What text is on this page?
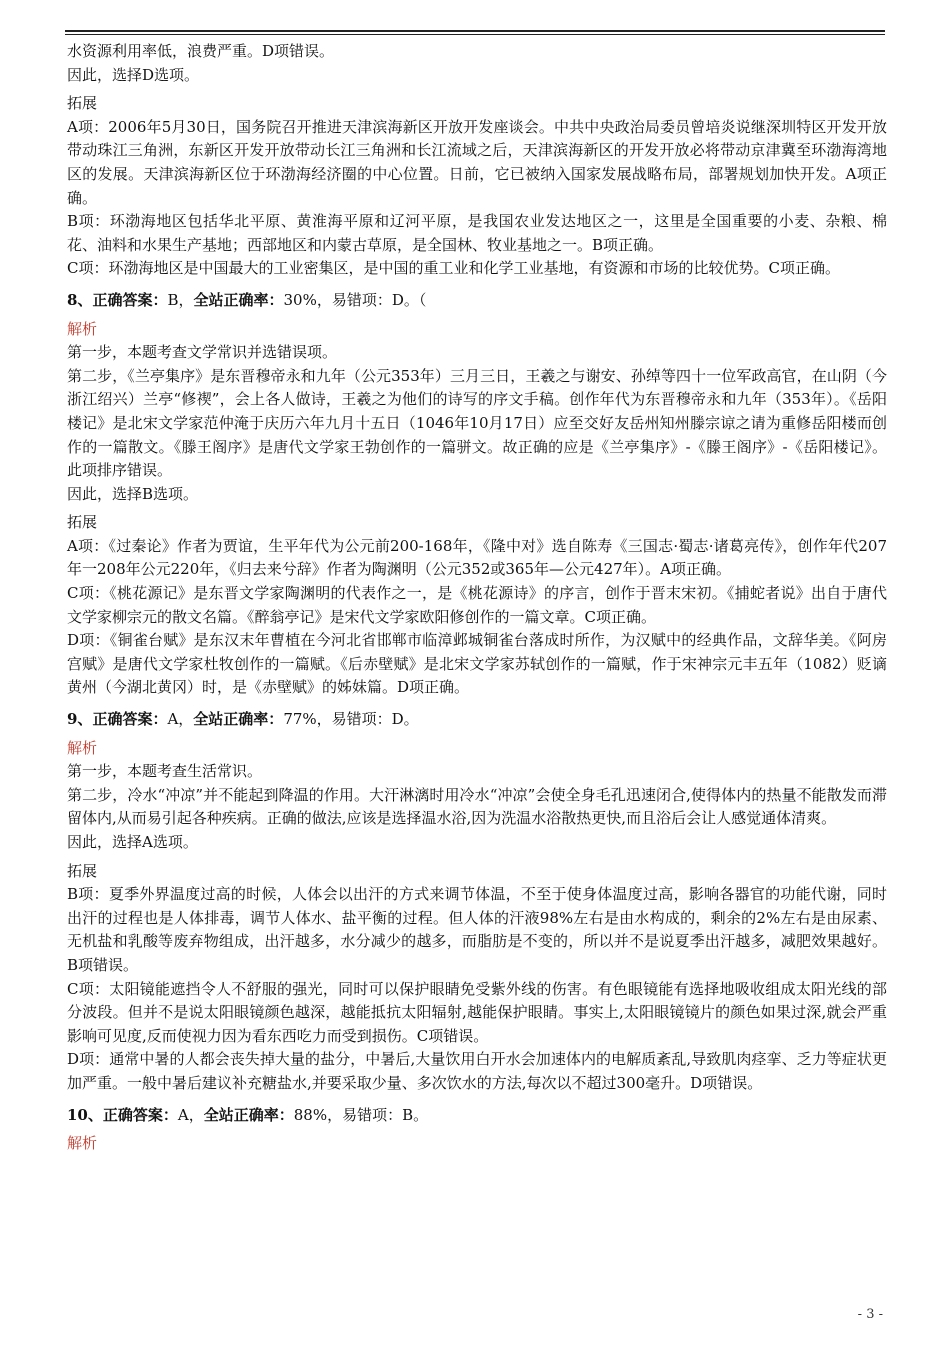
水资源利用率低，浪费严重。D项错误。

因此，选择D选项。

拓展

A项：2006年5月30日，国务院召开推进天津滨海新区开放开发座谈会。中共中央政治局委员曾培炎说继深圳特区开发开放带动珠江三角洲，东新区开发开放带动长江三角洲和长江流域之后，天津滨海新区的开发开放必将带动京津冀至环渤海湾地区的发展。天津滨海新区位于环渤海经济圈的中心位置。日前，它已被纳入国家发展战略布局，部署规划加快开发。A项正确。

B项：环渤海地区包括华北平原、黄淮海平原和辽河平原，是我国农业发达地区之一，这里是全国重要的小麦、杂粮、棉花、油料和水果生产基地；西部地区和内蒙古草原，是全国林、牧业基地之一。B项正确。

C项：环渤海地区是中国最大的工业密集区，是中国的重工业和化学工业基地，有资源和市场的比较优势。C项正确。

8、正确答案：B，全站正确率：30%，易错项：D。（

解析

第一步，本题考查文学常识并选错误项。

第二步，《兰亭集序》是东晋穆帝永和九年（公元353年）三月三日，王羲之与谢安、孙绰等四十一位军政高官，在山阴（今浙江绍兴）兰亭“修禊”，会上各人做诗，王羲之为他们的诗写的序文手稿。创作年代为东晋穆帝永和九年（353年）。《岳阳楼记》是北宋文学家范仲淹于庆历六年九月十五日（1046年10月17日）应至交好友岳州知州滕宗谅之请为重修岳阳楼而创作的一篇散文。《滕王阁序》是唐代文学家王勃创作的一篇骈文。故正确的应是《兰亭集序》-《滕王阁序》-《岳阳楼记》。此项排序错误。

因此，选择B选项。

拓展

A项：《过秦论》作者为贾谊，生平年代为公元前200-168年，《隆中对》选自陈寿《三国志·蜀志·诸葛亮传》，创作年代207年一208年公元220年，《归去来兮辞》作者为陶渊明（公元352或365年—公元427年）。A项正确。

C项：《桃花源记》是东晋文学家陶渊明的代表作之一，是《桃花源诗》的序言，创作于晋末宋初。《捕蛇者说》出自于唐代文学家柳宗元的散文名篇。《醉翁亭记》是宋代文学家欧阳修创作的一篇文章。C项正确。

D项：《铜雀台赋》是东汉末年曹植在今河北省邯郸市临漳邺城铜雀台落成时所作，为汉赋中的经典作品，文辞华美。《阿房宫赋》是唐代文学家杜牧创作的一篇赋。《后赤壁赋》是北宋文学家苏轼创作的一篇赋，作于宋神宗元丰五年（1082）贬谪黄州（今湖北黄冈）时，是《赤壁赋》的姊妹篇。D项正确。

9、正确答案：A，全站正确率：77%，易错项：D。

解析

第一步，本题考查生活常识。

第二步，冷水“冲凉”并不能起到降温的作用。大汗淋漓时用冷水“冲凉”会使全身毛孔迅速闭合,使得体内的热量不能散发而滞留体内,从而易引起各种疾病。正确的做法,应该是选择温水浴,因为洗温水浴散热更快,而且浴后会让人感觉通体清爽。

因此，选择A选项。

拓展

B项：夏季外界温度过高的时候，人体会以出汗的方式来调节体温，不至于使身体温度过高，影响各器官的功能代谢，同时出汗的过程也是人体排毒，调节人体水、盐平衡的过程。但人体的汗液98%左右是由水构成的，剩余的2%左右是由尿素、无机盐和乳酸等废弃物组成，出汗越多，水分减少的越多，而脂肪是不变的，所以并不是说夏季出汗越多，减肥效果越好。B项错误。

C项：太阳镜能遮挡令人不舒服的强光，同时可以保护眼睛免受紫外线的伤害。有色眼镜能有选择地吸收组成太阳光线的部分波段。但并不是说太阳眼镜颜色越深，越能抵抗太阳辐射,越能保护眼睛。事实上,太阳眼镜镜片的颜色如果过深,就会严重影响可见度,反而使视力因为看东西吃力而受到损伤。C项错误。

D项：通常中暑的人都会丧失掉大量的盐分，中暑后,大量饮用白开水会加速体内的电解质紊乱,导致肌肉痉挛、乏力等症状更加严重。一般中暑后建议补充糖盐水,并要采取少量、多次饮水的方法,每次以不超过300毫升。D项错误。

10、正确答案：A，全站正确率：88%，易错项：B。

解析

- 3 -
